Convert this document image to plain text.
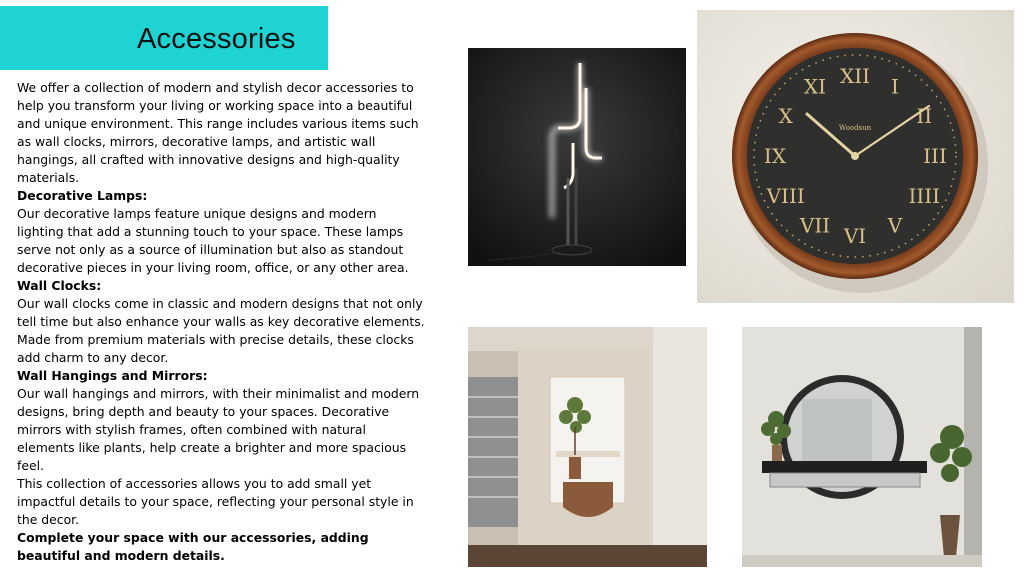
Accessories

We offer a collection of modern and stylish decor accessories to help you transform your living or working space into a beautiful and unique environment. This range includes various items such as wall clocks, mirrors, decorative lamps, and artistic wall hangings, all crafted with innovative designs and high-quality materials.

Decorative Lamps:

Our decorative lamps feature unique designs and modern lighting that add a stunning touch to your space. These lamps serve not only as a source of illumination but also as standout decorative pieces in your living room, office, or any other area.

Wall Clocks:

Our wall clocks come in classic and modern designs that not only tell time but also enhance your walls as key decorative elements. Made from premium materials with precise details, these clocks add charm to any decor.

Wall Hangings and Mirrors:

Our wall hangings and mirrors, with their minimalist and modern designs, bring depth and beauty to your spaces. Decorative mirrors with stylish frames, often combined with natural elements like plants, help create a brighter and more spacious feel.

This collection of accessories allows you to add small yet impactful details to your space, reflecting your personal style in the decor.

Complete your space with our accessories, adding beautiful and modern details.

XII I
II
III
IIII
V
VI
VII
VIII
IX
X
XI
Woodsun
